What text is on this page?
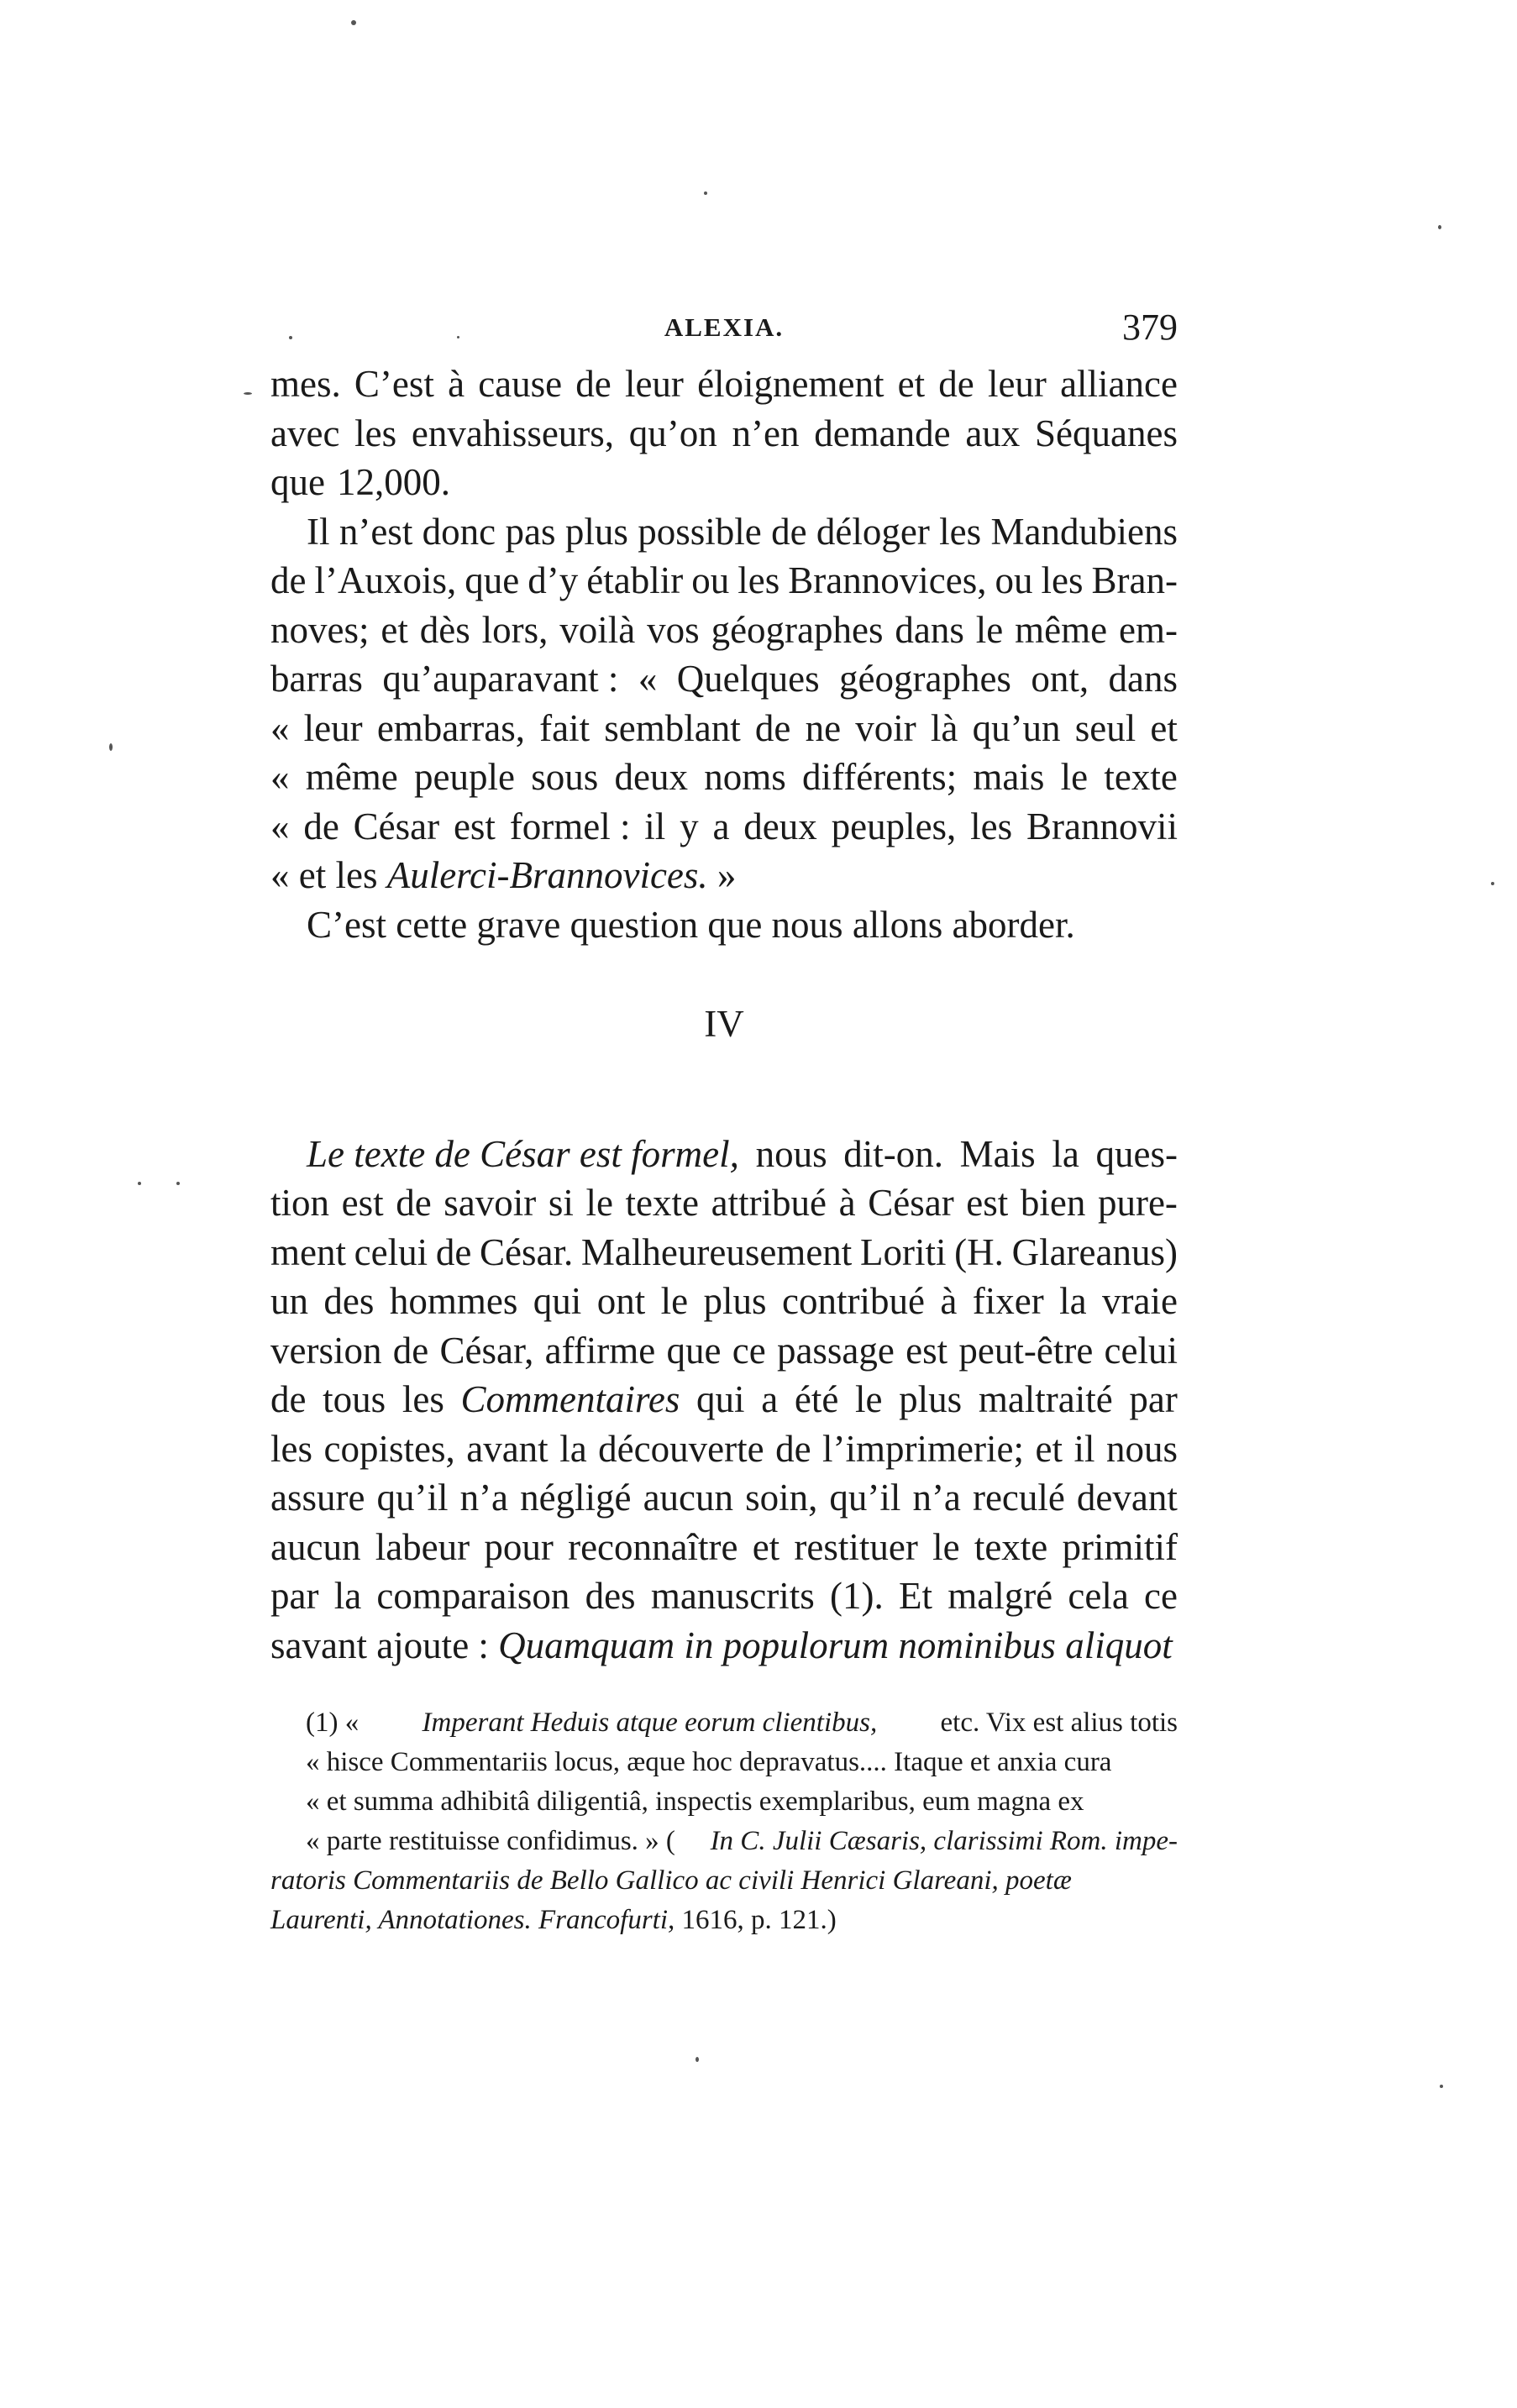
ALEXIA.	379
mes. C’est à cause de leur éloignement et de leur alliance
avec les envahisseurs, qu’on n’en demande aux Séquanes
que 12,000.
Il n’est donc pas plus possible de déloger les Mandubiens
de l’Auxois, que d’y établir ou les Brannovices, ou les Bran-
noves; et dès lors, voilà vos géographes dans le même em-
barras qu’auparavant : « Quelques géographes ont, dans
« leur embarras, fait semblant de ne voir là qu’un seul et
« même peuple sous deux noms différents; mais le texte
« de César est formel : il y a deux peuples, les Brannovii
«
et les Aulerci-Brannovices. »
C’est cette grave question que nous allons aborder.
IV
Le texte de César est formel, nous dit-on. Mais la ques-
tion est de savoir si le texte attribué à César est bien pure-
ment celui de César. Malheureusement Loriti (H. Glareanus)
un des hommes qui ont le plus contribué à fixer la vraie
version de César, affirme que ce passage est peut-être celui
de tous les Commentaires qui a été le plus maltraité par
les copistes, avant la découverte de l’imprimerie; et il nous
assure qu’il n’a négligé aucun soin, qu’il n’a reculé devant
aucun labeur pour reconnaître et restituer le texte primitif
par la comparaison des manuscrits (1). Et malgré cela ce
savant ajoute :
Quamquam in populorum nominibus aliquot
(1) « Imperant Heduis atque eorum clientibus, etc. Vix est alius totis
« hisce Commentariis locus, æque hoc depravatus.... Itaque et anxia cura
« et summa adhibitâ diligentiâ, inspectis exemplaribus, eum magna ex
« parte restituisse confidimus. » ( In C. Julii Cæsaris, clarissimi Rom. impe-
ratoris Commentariis de Bello Gallico ac civili Henrici Glareani, poetæ
Laurenti, Annotationes. Francofurti,
1616, p. 121.)
